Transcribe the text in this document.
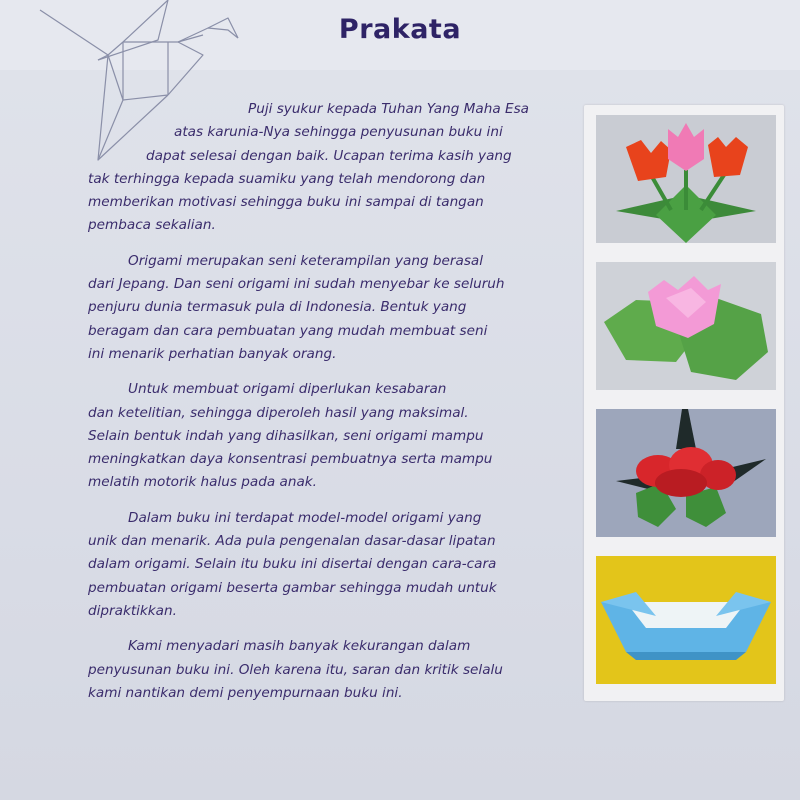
Prakata
Puji syukur kepada Tuhan Yang Maha Esa
atas karunia-Nya sehingga penyusunan buku ini
dapat selesai dengan baik. Ucapan terima kasih yang
tak terhingga kepada suamiku yang telah mendorong dan
memberikan motivasi sehingga buku ini sampai di tangan
pembaca sekalian.
Origami merupakan seni keterampilan yang berasal
dari Jepang. Dan seni origami ini sudah menyebar ke seluruh
penjuru dunia termasuk pula di Indonesia. Bentuk yang
beragam dan cara pembuatan yang mudah membuat seni
ini menarik perhatian banyak orang.
Untuk membuat origami diperlukan kesabaran
dan ketelitian, sehingga diperoleh hasil yang maksimal.
Selain bentuk indah yang dihasilkan, seni origami mampu
meningkatkan daya konsentrasi pembuatnya serta mampu
melatih motorik halus pada anak.
Dalam buku ini terdapat model-model origami yang
unik dan menarik. Ada pula pengenalan dasar-dasar lipatan
dalam origami. Selain itu buku ini disertai dengan cara-cara
pembuatan origami beserta gambar sehingga mudah untuk
dipraktikkan.
Kami menyadari masih banyak kekurangan dalam
penyusunan buku ini. Oleh karena itu, saran dan kritik selalu
kami nantikan demi penyempurnaan buku ini.
